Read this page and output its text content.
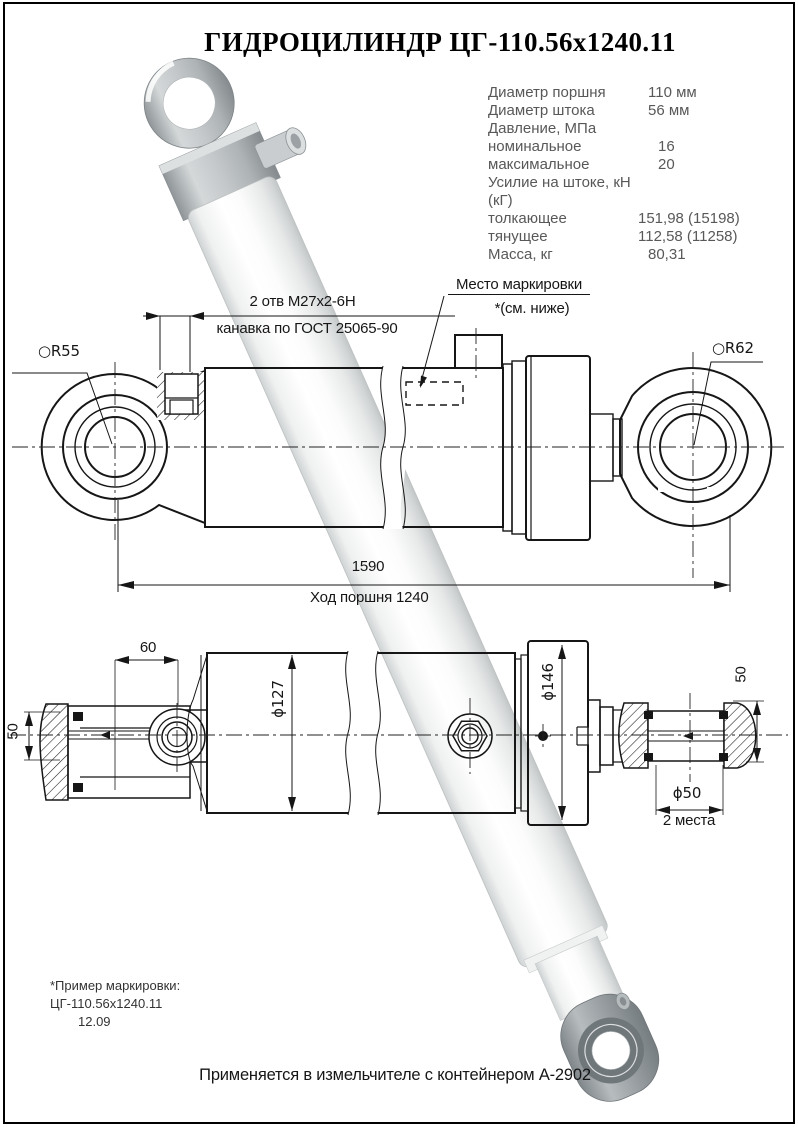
ГИДРОЦИЛИНДР ЦГ-110.56х1240.11
Диаметр поршня	110 мм
Диаметр штока	56 мм
Давление, МПа
номинальное	16
максимальное	20
Усилие на штоке, кН (кГ)
толкающее	151,98 (15198)
тянущее	112,58 (11258)
Масса, кг	80,31
2 отв М27х2-6Н
канавка по ГОСТ 25065-90
Место маркировки
*(см. ниже)
○R55	○R62
1590
Ход поршня 1240
60
50
ϕ127	ϕ146	50
ϕ50
2 места
*Пример маркировки:
ЦГ-110.56х1240.11
12.09
Применяется в измельчителе с контейнером А-2902
